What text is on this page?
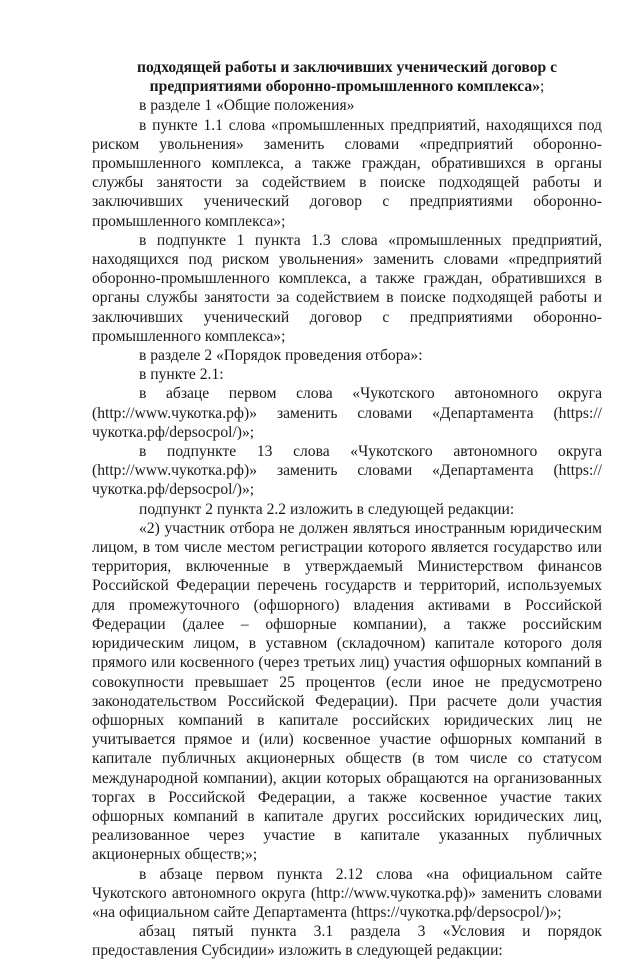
подходящей работы и заключивших ученический договор с
предприятиями оборонно-промышленного комплекса»;

в разделе 1 «Общие положения»

в пункте 1.1 слова «промышленных предприятий, находящихся под риском увольнения» заменить словами «предприятий оборонно-промышленного комплекса, а также граждан, обратившихся в органы службы занятости за содействием в поиске подходящей работы и заключивших ученический договор с предприятиями оборонно-промышленного комплекса»;

в подпункте 1 пункта 1.3 слова «промышленных предприятий, находящихся под риском увольнения» заменить словами «предприятий оборонно-промышленного комплекса, а также граждан, обратившихся в органы службы занятости за содействием в поиске подходящей работы и заключивших ученический договор с предприятиями оборонно-промышленного комплекса»;

в разделе 2 «Порядок проведения отбора»:

в пункте 2.1:

в абзаце первом слова «Чукотского автономного округа (http://www.чукотка.рф)» заменить словами «Департамента (https://чукотка.рф/depsocpol/)»;

в подпункте 13 слова «Чукотского автономного округа (http://www.чукотка.рф)» заменить словами «Департамента (https://чукотка.рф/depsocpol/)»;

подпункт 2 пункта 2.2 изложить в следующей редакции:

«2) участник отбора не должен являться иностранным юридическим лицом, в том числе местом регистрации которого является государство или территория, включенные в утверждаемый Министерством финансов Российской Федерации перечень государств и территорий, используемых для промежуточного (офшорного) владения активами в Российской Федерации (далее – офшорные компании), а также российским юридическим лицом, в уставном (складочном) капитале которого доля прямого или косвенного (через третьих лиц) участия офшорных компаний в совокупности превышает 25 процентов (если иное не предусмотрено законодательством Российской Федерации). При расчете доли участия офшорных компаний в капитале российских юридических лиц не учитывается прямое и (или) косвенное участие офшорных компаний в капитале публичных акционерных обществ (в том числе со статусом международной компании), акции которых обращаются на организованных торгах в Российской Федерации, а также косвенное участие таких офшорных компаний в капитале других российских юридических лиц, реализованное через участие в капитале указанных публичных акционерных обществ;»;

в абзаце первом пункта 2.12 слова «на официальном сайте Чукотского автономного округа (http://www.чукотка.рф)» заменить словами «на официальном сайте Департамента (https://чукотка.рф/depsocpol/)»;

абзац пятый пункта 3.1 раздела 3 «Условия и порядок предоставления Субсидии» изложить в следующей редакции:
